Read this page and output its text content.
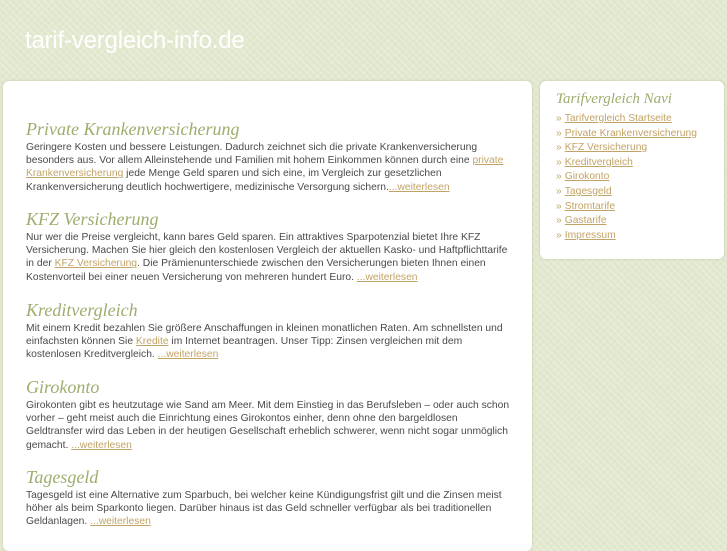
tarif-vergleich-info.de
Private Krankenversicherung

Geringere Kosten und bessere Leistungen. Dadurch zeichnet sich die private Krankenversicherung besonders aus. Vor allem Alleinstehende und Familien mit hohem Einkommen können durch eine private Krankenversicherung jede Menge Geld sparen und sich eine, im Vergleich zur gesetzlichen Krankenversicherung deutlich hochwertigere, medizinische Versorgung sichern....weiterlesen

KFZ Versicherung

Nur wer die Preise vergleicht, kann bares Geld sparen. Ein attraktives Sparpotenzial bietet Ihre KFZ Versicherung. Machen Sie hier gleich den kostenlosen Vergleich der aktuellen Kasko- und Haftpflichttarife in der KFZ Versicherung. Die Prämienunterschiede zwischen den Versicherungen bieten Ihnen einen Kostenvorteil bei einer neuen Versicherung von mehreren hundert Euro. ...weiterlesen

Kreditvergleich

Mit einem Kredit bezahlen Sie größere Anschaffungen in kleinen monatlichen Raten. Am schnellsten und einfachsten können Sie Kredite im Internet beantragen. Unser Tipp: Zinsen vergleichen mit dem kostenlosen Kreditvergleich. ...weiterlesen

Girokonto

Girokonten gibt es heutzutage wie Sand am Meer. Mit dem Einstieg in das Berufsleben – oder auch schon vorher – geht meist auch die Einrichtung eines Girokontos einher, denn ohne den bargeldlosen Geldtransfer wird das Leben in der heutigen Gesellschaft erheblich schwerer, wenn nicht sogar unmöglich gemacht. ...weiterlesen

Tagesgeld

Tagesgeld ist eine Alternative zum Sparbuch, bei welcher keine Kündigungsfrist gilt und die Zinsen meist höher als beim Sparkonto liegen. Darüber hinaus ist das Geld schneller verfügbar als bei traditionellen Geldanlagen. ...weiterlesen

Tarifvergleich Navi
» Tarifvergleich Startseite
» Private Krankenversicherung
» KFZ Versicherung
» Kreditvergleich
» Girokonto
» Tagesgeld
» Stromtarife
» Gastarife
» Impressum
